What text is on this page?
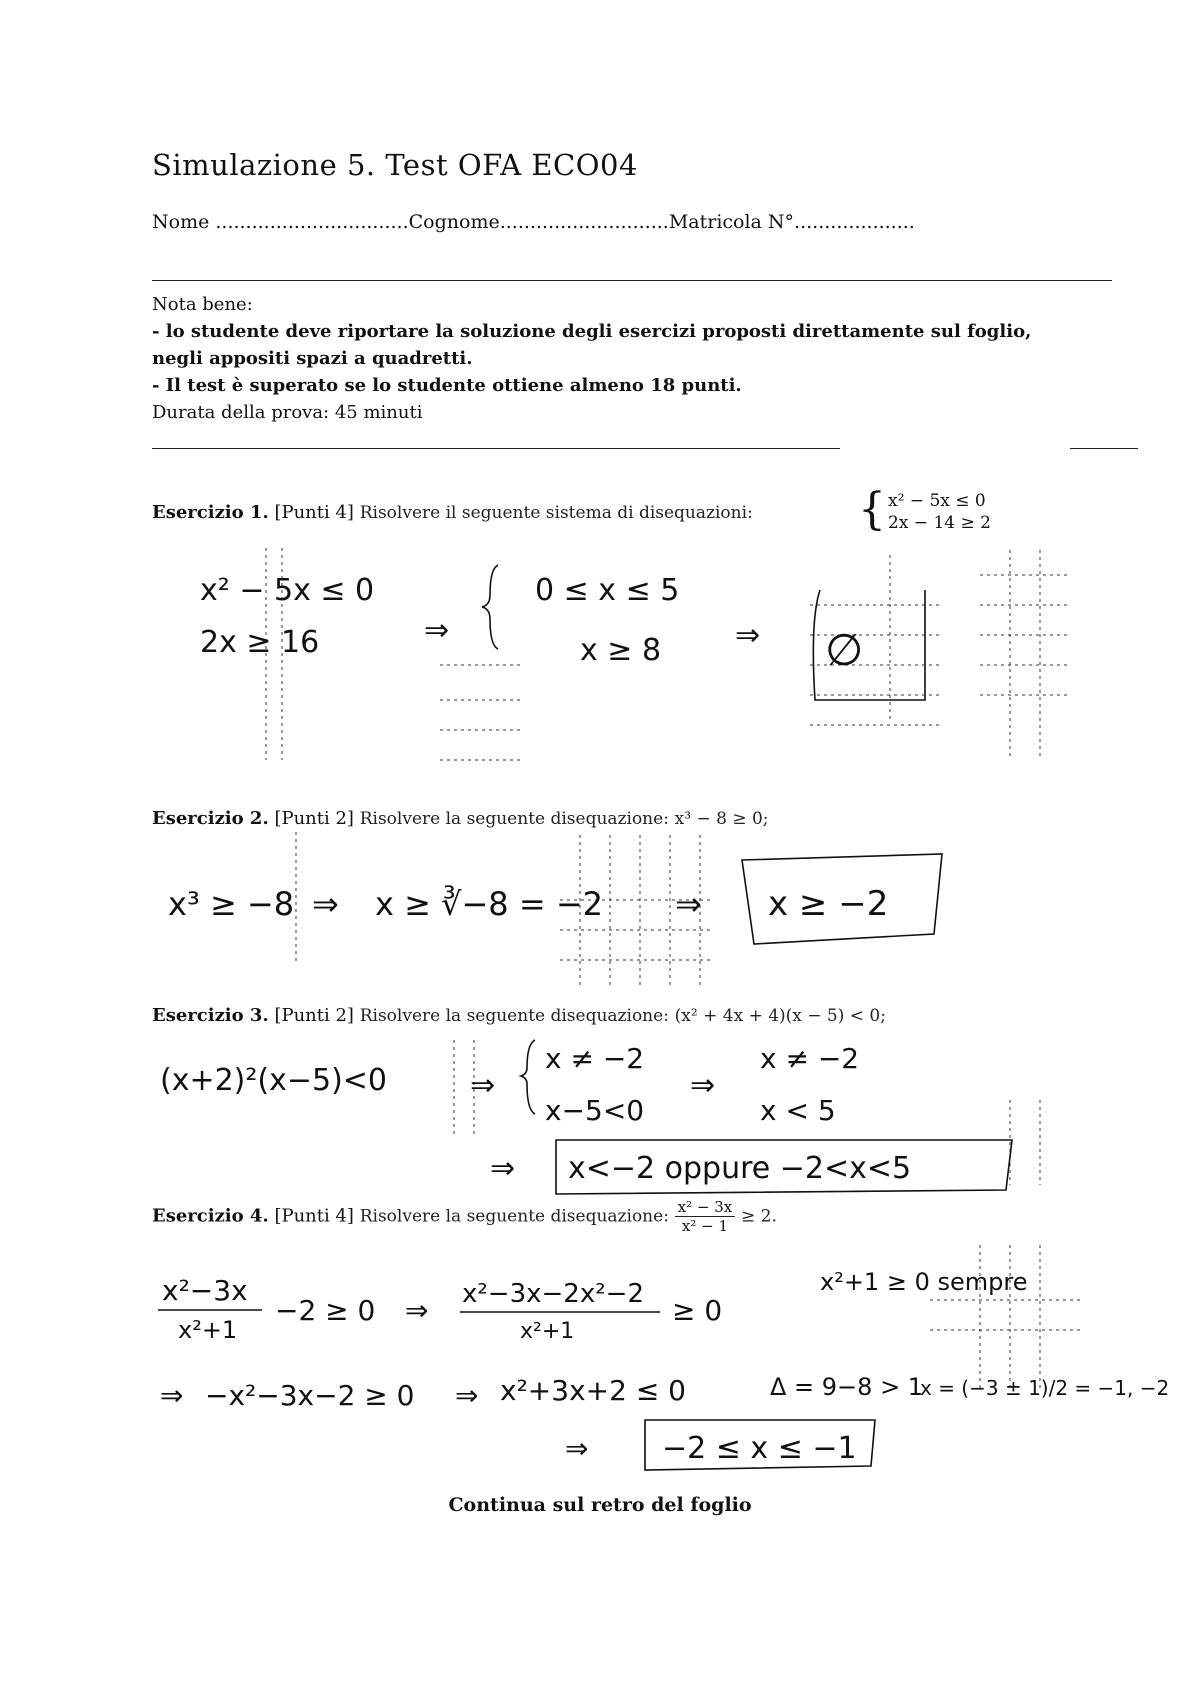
Simulazione 5. Test OFA ECO04
Nome ................................Cognome............................Matricola N°....................
Nota bene:
- lo studente deve riportare la soluzione degli esercizi proposti direttamente sul foglio,
negli appositi spazi a quadretti.
- Il test è superato se lo studente ottiene almeno 18 punti.
Durata della prova: 45 minuti
Esercizio 1. [Punti 4] Risolvere il seguente sistema di disequazioni: { x² − 5x ≤ 0
2x − 14 ≥ 2
Esercizio 2. [Punti 2] Risolvere la seguente disequazione: x³ − 8 ≥ 0;
Esercizio 3. [Punti 2] Risolvere la seguente disequazione: (x² + 4x + 4)(x − 5) < 0;
Esercizio 4. [Punti 4] Risolvere la seguente disequazione: $\frac{\text{x² − 3x}}{\text{x² − 1}} \ge 2$.
x² − 5x ≤ 0
2x ≥ 16	⇒
0 ≤ x ≤ 5
x ≥ 8 ⇒ ∅
x³ ≥ −8 ⇒ x ≥ ∛−8 = −2 ⇒ x ≥ −2
(x+2)²(x−5)<0	⇒
x ≠ −2
x−5<0
⇒
x ≠ −2
x < 5
⇒ x<−2 oppure −2<x<5
x²−3x
x²+1
−2 ≥ 0 ⇒ x²−3x−2x²−2
x²+1
≥ 0
x²+1 ≥ 0 sempre
⇒ −x²−3x−2 ≥ 0 ⇒ x²+3x+2 ≤ 0	Δ = 9−8 > 1
x = (−3 ± 1)/2 = −1, −2
⇒ −2 ≤ x ≤ −1
Continua sul retro del foglio
